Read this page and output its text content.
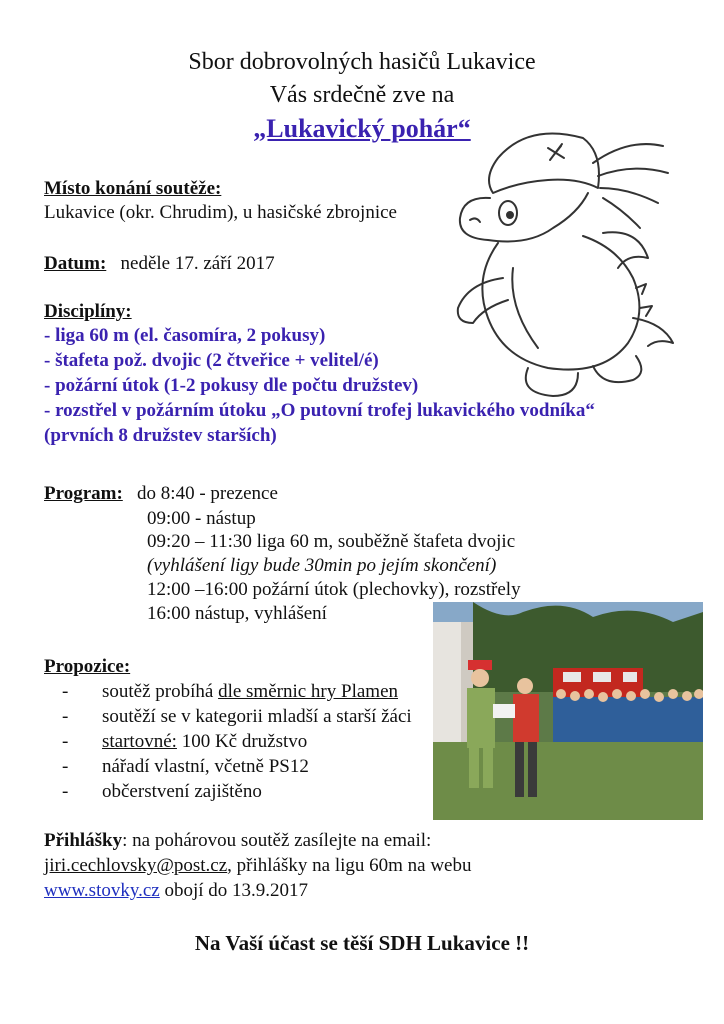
Sbor dobrovolných hasičů Lukavice
Vás srdečně zve na
„Lukavický pohár“
Místo konání soutěže:
Lukavice (okr. Chrudim), u hasičské zbrojnice
Datum: neděle 17. září 2017
Disciplíny:
- liga 60 m (el. časomíra, 2 pokusy)
- štafeta pož. dvojic (2 čtveřice + velitel/é)
- požární útok (1-2 pokusy dle počtu družstev)
- rozstřel v požárním útoku „O putovní trofej lukavického vodníka“
(prvních 8 družstev starších)
Program: do 8:40 - prezence
09:00 - nástup
09:20 – 11:30 liga 60 m, souběžně štafeta dvojic
(vyhlášení ligy bude 30min po jejím skončení)
12:00 –16:00 požární útok (plechovky), rozstřely
16:00 nástup, vyhlášení
Propozice:
- soutěž probíhá dle směrnic hry Plamen
- soutěží se v kategorii mladší a starší žáci
- startovné: 100 Kč družstvo
- nářadí vlastní, včetně PS12
- občerstvení zajištěno
Přihlášky: na pohárovou soutěž zasílejte na email:
jiri.cechlovsky@post.cz, přihlášky na ligu 60m na webu
www.stovky.cz obojí do 13.9.2017
Na Vaší účast se těší SDH Lukavice !!
